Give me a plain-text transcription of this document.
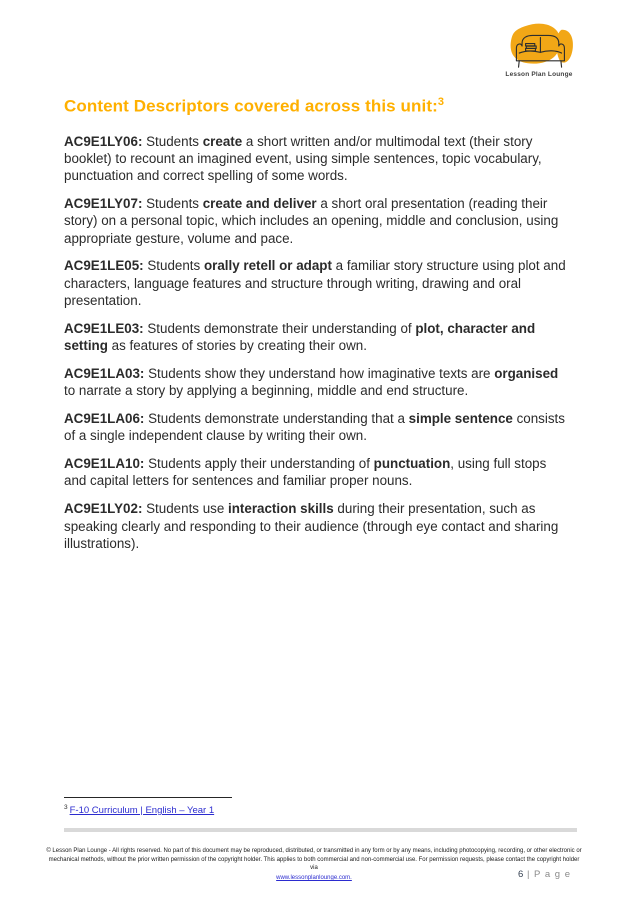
Lesson Plan Lounge
Content Descriptors covered across this unit:$^3$

AC9E1LY06: Students create a short written and/or multimodal text (their story booklet) to recount an imagined event, using simple sentences, topic vocabulary, punctuation and correct spelling of some words.

AC9E1LY07: Students create and deliver a short oral presentation (reading their story) on a personal topic, which includes an opening, middle and conclusion, using appropriate gesture, volume and pace.

AC9E1LE05: Students orally retell or adapt a familiar story structure using plot and characters, language features and structure through writing, drawing and oral presentation.

AC9E1LE03: Students demonstrate their understanding of plot, character and setting as features of stories by creating their own.

AC9E1LA03: Students show they understand how imaginative texts are organised to narrate a story by applying a beginning, middle and end structure.

AC9E1LA06: Students demonstrate understanding that a simple sentence consists of a single independent clause by writing their own.

AC9E1LA10: Students apply their understanding of punctuation, using full stops and capital letters for sentences and familiar proper nouns.

AC9E1LY02: Students use interaction skills during their presentation, such as speaking clearly and responding to their audience (through eye contact and sharing illustrations).

$^3$ F-10 Curriculum | English – Year 1
© Lesson Plan Lounge - All rights reserved. No part of this document may be reproduced, distributed, or transmitted in any form or by any means, including photocopying, recording, or other electronic or mechanical methods, without the prior written permission of the copyright holder. This applies to both commercial and non-commercial use. For permission requests, please contact the copyright holder via
www.lessonplanlounge.com.	6 | P a g e
